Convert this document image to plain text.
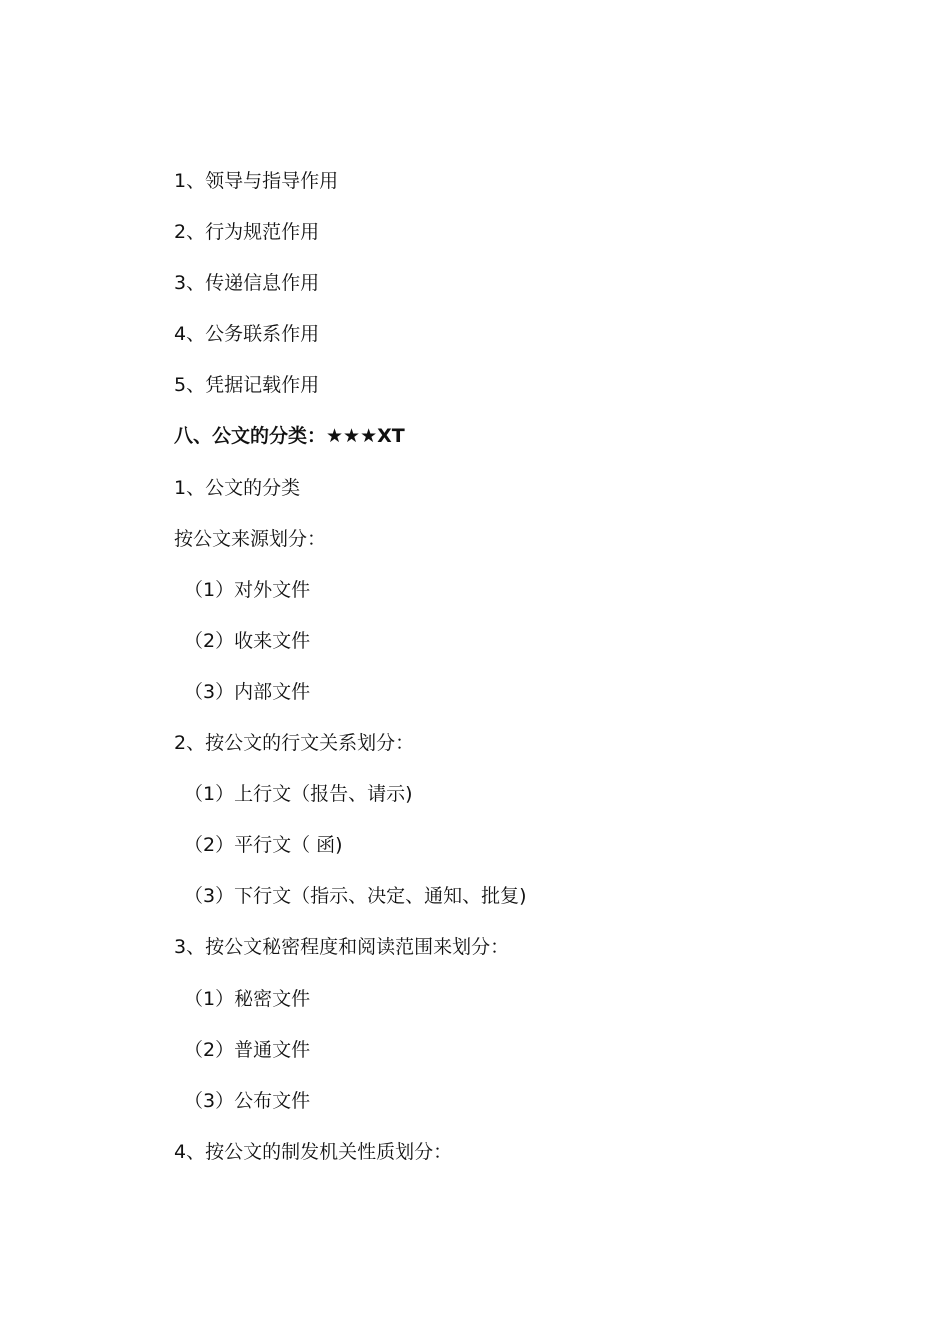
1、领导与指导作用
2、行为规范作用
3、传递信息作用
4、公务联系作用
5、凭据记载作用
八、公文的分类：★★★XT
1、公文的分类
按公文来源划分：
（1）对外文件
（2）收来文件
（3）内部文件
2、按公文的行文关系划分：
（1）上行文（报告、请示)
（2）平行文（ 函)
（3）下行文（指示、决定、通知、批复)
3、按公文秘密程度和阅读范围来划分：
（1）秘密文件
（2）普通文件
（3）公布文件
4、按公文的制发机关性质划分：
